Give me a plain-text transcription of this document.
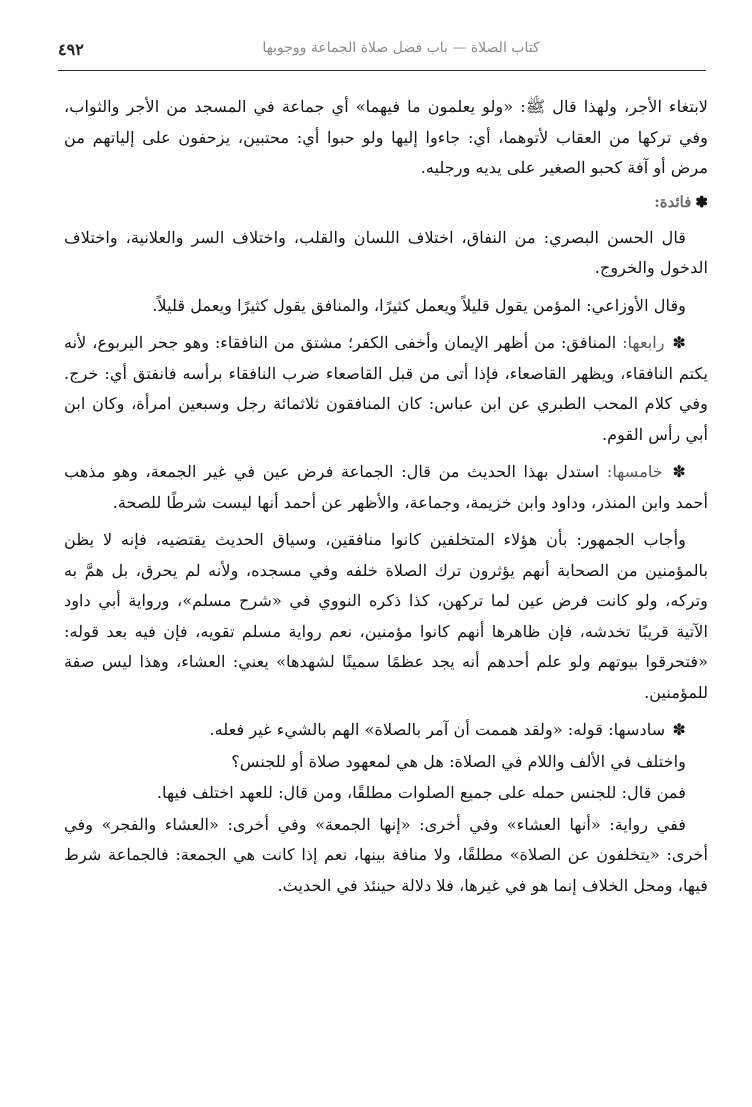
٤٩٢	كتاب الصلاة — باب فضل صلاة الجماعة ووجوبها

لابتغاء الأجر، ولهذا قال ﷺ: «ولو يعلمون ما فيهما» أي جماعة في المسجد من الأجر والثواب، وفي تركها من العقاب لأتوهما، أي: جاءوا إليها ولو حبوا أي: محتبين، يزحفون على إلياتهم من مرض أو آفة كحبو الصغير على يديه ورجليه.

✽فائدة:

قال الحسن البصري: من النفاق، اختلاف اللسان والقلب، واختلاف السر والعلانية، واختلاف الدخول والخروج.

وقال الأوزاعي: المؤمن يقول قليلاً ويعمل كثيرًا، والمنافق يقول كثيرًا ويعمل قليلاً.

✽ رابعها: المنافق: من أظهر الإيمان وأخفى الكفر؛ مشتق من النافقاء: وهو جحر اليربوع، لأنه يكتم النافقاء، ويظهر القاصعاء، فإذا أتى من قبل القاصعاء ضرب النافقاء برأسه فانفتق أي: خرج. وفي كلام المحب الطبري عن ابن عباس: كان المنافقون ثلاثمائة رجل وسبعين امرأة، وكان ابن أبي رأس القوم.

✽ خامسها: استدل بهذا الحديث من قال: الجماعة فرض عين في غير الجمعة، وهو مذهب أحمد وابن المنذر، وداود وابن خزيمة، وجماعة، والأظهر عن أحمد أنها ليست شرطًا للصحة.

وأجاب الجمهور: بأن هؤلاء المتخلفين كانوا منافقين، وسياق الحديث يقتضيه، فإنه لا يظن بالمؤمنين من الصحابة أنهم يؤثرون ترك الصلاة خلفه وفي مسجده، ولأنه لم يحرق، بل همَّ به وتركه، ولو كانت فرض عين لما تركهن، كذا ذكره النووي في «شرح مسلم»، ورواية أبي داود الآتية قريبًا تخدشه، فإن ظاهرها أنهم كانوا مؤمنين، نعم رواية مسلم تقويه، فإن فيه بعد قوله: «فتحرقوا بيوتهم ولو علم أحدهم أنه يجد عظمًا سمينًا لشهدها» يعني: العشاء، وهذا ليس صفة للمؤمنين.

✽ سادسها: قوله: «ولقد هممت أن آمر بالصلاة» الهم بالشيء غير فعله.

واختلف في الألف واللام في الصلاة: هل هي لمعهود صلاة أو للجنس؟

فمن قال: للجنس حمله على جميع الصلوات مطلقًا، ومن قال: للعهد اختلف فيها.

ففي رواية: «أنها العشاء» وفي أخرى: «إنها الجمعة» وفي أخرى: «العشاء والفجر» وفي أخرى: «يتخلفون عن الصلاة» مطلقًا، ولا منافة بينها، نعم إذا كانت هي الجمعة: فالجماعة شرط فيها، ومحل الخلاف إنما هو في غيرها، فلا دلالة حينئذ في الحديث.
